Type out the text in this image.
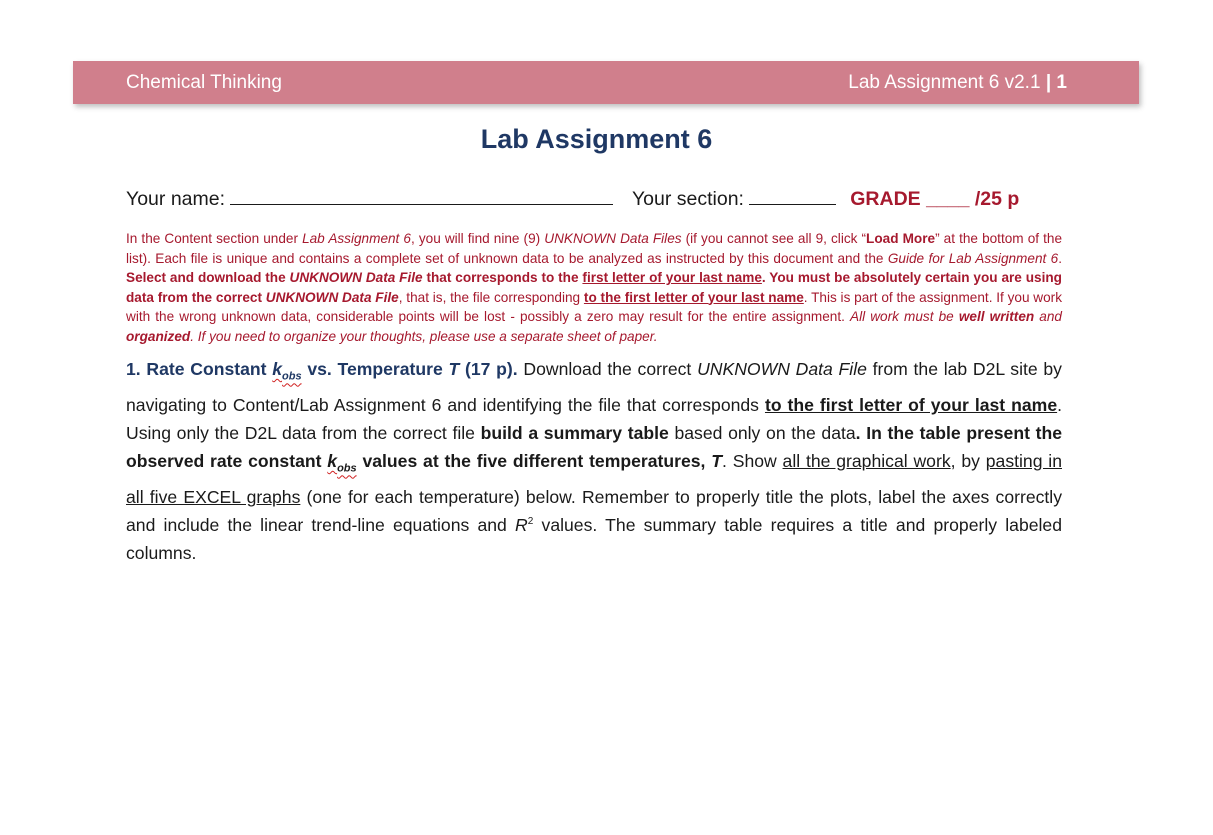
Chemical Thinking	Lab Assignment 6 v2.1 | 1
Lab Assignment 6
Your name:	Your section:	GRADE ____ /25 p
In the Content section under Lab Assignment 6, you will find nine (9) UNKNOWN Data Files (if you cannot see all 9, click “Load More” at the bottom of the list). Each file is unique and contains a complete set of unknown data to be analyzed as instructed by this document and the Guide for Lab Assignment 6. Select and download the UNKNOWN Data File that corresponds to the first letter of your last name. You must be absolutely certain you are using data from the correct UNKNOWN Data File, that is, the file corresponding to the first letter of your last name. This is part of the assignment. If you work with the wrong unknown data, considerable points will be lost - possibly a zero may result for the entire assignment. All work must be well written and organized. If you need to organize your thoughts, please use a separate sheet of paper.
1. Rate Constant $k_{obs}$ vs. Temperature T (17 p). Download the correct UNKNOWN Data File from the lab D2L site by navigating to Content/Lab Assignment 6 and identifying the file that corresponds to the first letter of your last name. Using only the D2L data from the correct file build a summary table based only on the data. In the table present the observed rate constant $k_{obs}$ values at the five different temperatures, T. Show all the graphical work, by pasting in all five EXCEL graphs (one for each temperature) below. Remember to properly title the plots, label the axes correctly and include the linear trend-line equations and $R^2$ values. The summary table requires a title and properly labeled columns.
